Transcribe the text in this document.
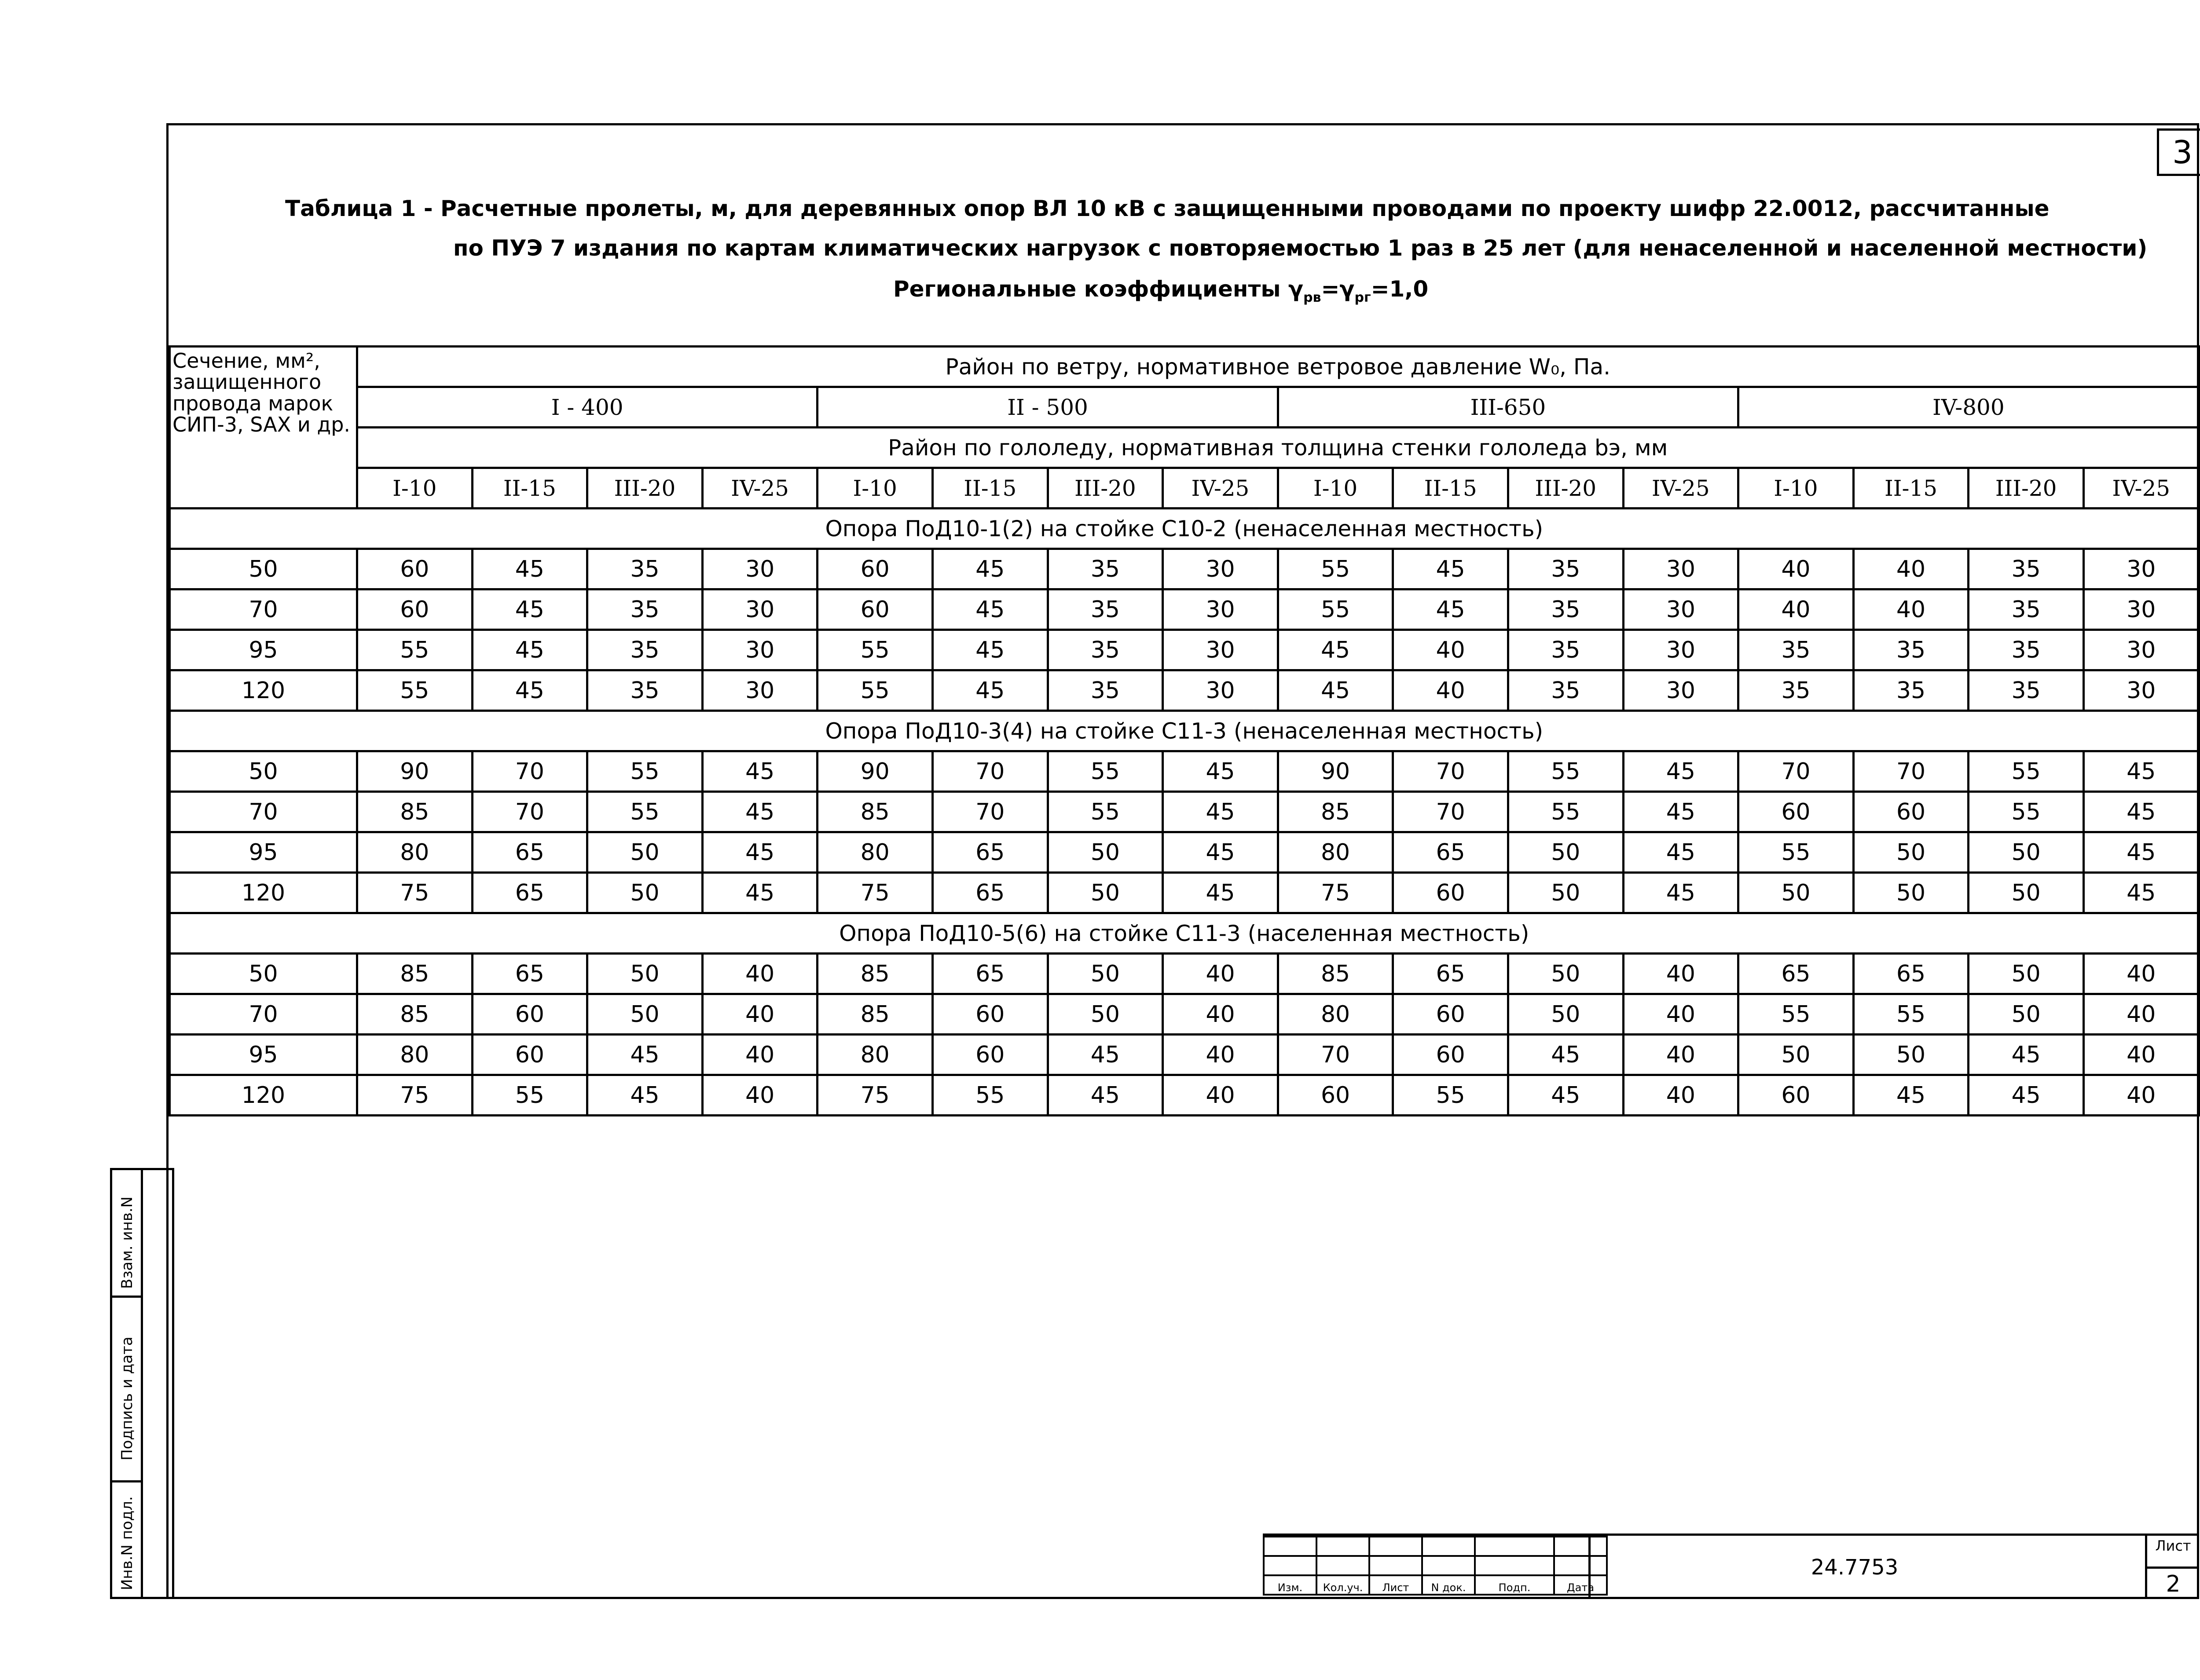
3
Таблица 1 - Расчетные пролеты, м, для деревянных опор ВЛ 10 кВ с защищенными проводами по проекту шифр 22.0012, рассчитанные
по ПУЭ 7 издания по картам климатических нагрузок с повторяемостью 1 раз в 25 лет (для ненаселенной и населенной местности)
Региональные коэффициенты $\gamma_{рв}=\gamma_{рг}=1,0$
Сечение, мм², защищенного провода марок СИП-3, SAX и др.	Район по ветру, нормативное ветровое давление W₀, Па.															
	I - 400				II - 500				III-650				IV-800			
	Район по гололеду, нормативная толщина стенки гололеда bэ, мм															
	I-10	II-15	III-20	IV-25	I-10	II-15	III-20	IV-25	I-10	II-15	III-20	IV-25	I-10	II-15	III-20	IV-25
Опора ПоД10-1(2) на стойке С10-2 (ненаселенная местность)																
50	60	45	35	30	60	45	35	30	55	45	35	30	40	40	35	30
70	60	45	35	30	60	45	35	30	55	45	35	30	40	40	35	30
95	55	45	35	30	55	45	35	30	45	40	35	30	35	35	35	30
120	55	45	35	30	55	45	35	30	45	40	35	30	35	35	35	30
Опора ПоД10-3(4) на стойке С11-3 (ненаселенная местность)																
50	90	70	55	45	90	70	55	45	90	70	55	45	70	70	55	45
70	85	70	55	45	85	70	55	45	85	70	55	45	60	60	55	45
95	80	65	50	45	80	65	50	45	80	65	50	45	55	50	50	45
120	75	65	50	45	75	65	50	45	75	60	50	45	50	50	50	45
Опора ПоД10-5(6) на стойке С11-3 (населенная местность)																
50	85	65	50	40	85	65	50	40	85	65	50	40	65	65	50	40
70	85	60	50	40	85	60	50	40	80	60	50	40	55	55	50	40
95	80	60	45	40	80	60	45	40	70	60	45	40	50	50	45	40
120	75	55	45	40	75	55	45	40	60	55	45	40	60	45	45	40
Взам. инв.N
Подпись и дата
Инв.N подл.

						Изм.	Кол.уч.	Лист	N док.	Подп.	Дата
24.7753
Лист
2
